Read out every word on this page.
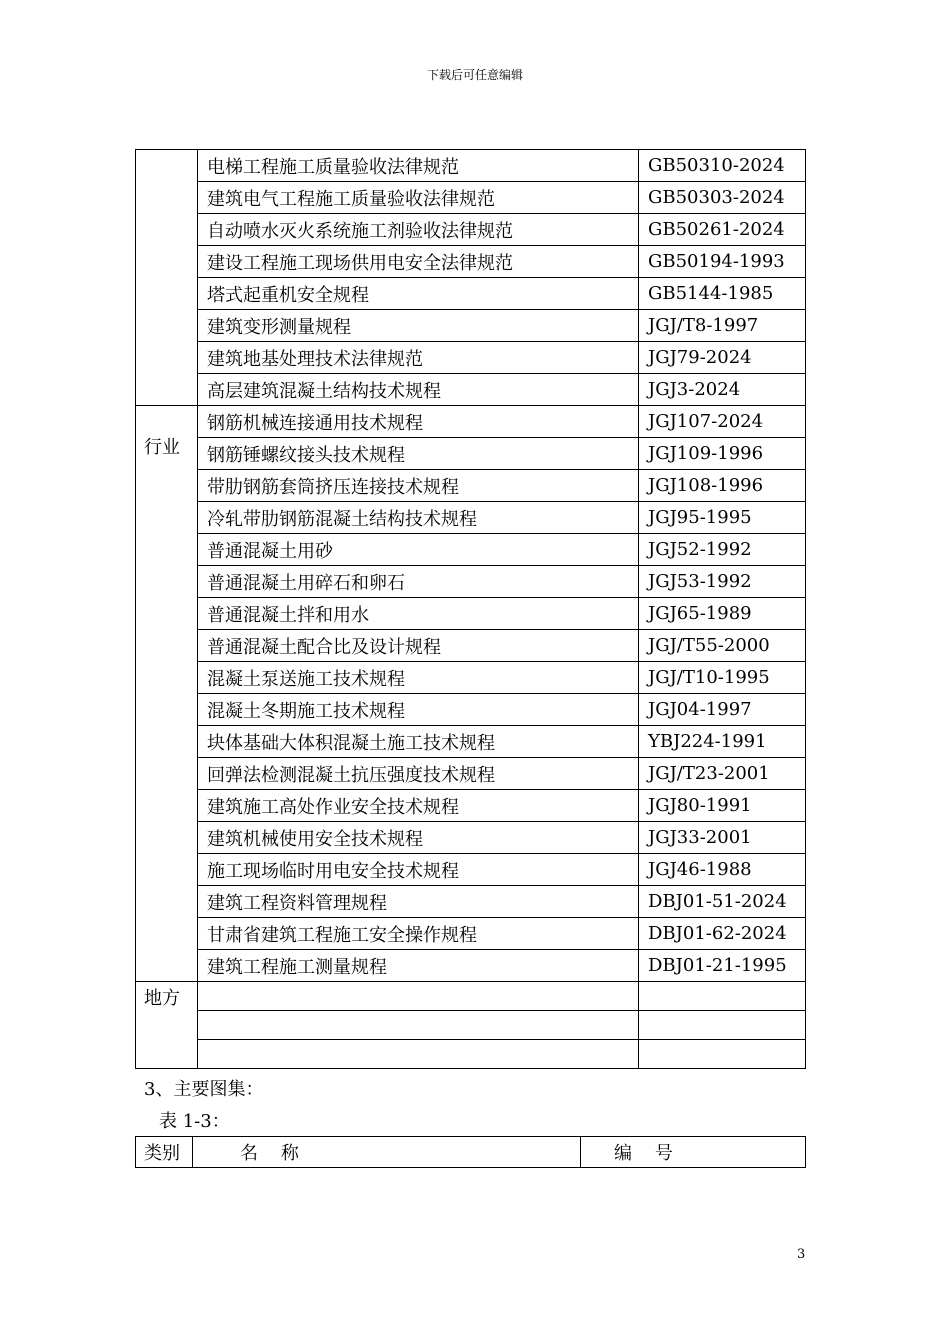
下载后可任意编辑
	电梯工程施工质量验收法律规范	GB50310-2024
	建筑电气工程施工质量验收法律规范	GB50303-2024
	自动喷水灭火系统施工剂验收法律规范	GB50261-2024
	建设工程施工现场供用电安全法律规范	GB50194-1993
	塔式起重机安全规程	GB5144-1985
	建筑变形测量规程	JGJ/T8-1997
	建筑地基处理技术法律规范	JGJ79-2024
	高层建筑混凝土结构技术规程	JGJ3-2024

行业	钢筋机械连接通用技术规程	JGJ107-2024
	钢筋锤螺纹接头技术规程	JGJ109-1996
	带肋钢筋套筒挤压连接技术规程	JGJ108-1996
	冷轧带肋钢筋混凝土结构技术规程	JGJ95-1995
	普通混凝土用砂	JGJ52-1992
	普通混凝土用碎石和卵石	JGJ53-1992
	普通混凝土拌和用水	JGJ65-1989
	普通混凝土配合比及设计规程	JGJ/T55-2000
	混凝土泵送施工技术规程	JGJ/T10-1995
	混凝土冬期施工技术规程	JGJ04-1997
	块体基础大体积混凝土施工技术规程	YBJ224-1991
	回弹法检测混凝土抗压强度技术规程	JGJ/T23-2001
	建筑施工高处作业安全技术规程	JGJ80-1991
	建筑机械使用安全技术规程	JGJ33-2001
	施工现场临时用电安全技术规程	JGJ46-1988
	建筑工程资料管理规程	DBJ01-51-2024
	甘肃省建筑工程施工安全操作规程	DBJ01-62-2024
	建筑工程施工测量规程	DBJ01-21-1995

地方		

3、主要图集：
表 1-3：
类别	名    称	编    号
3
